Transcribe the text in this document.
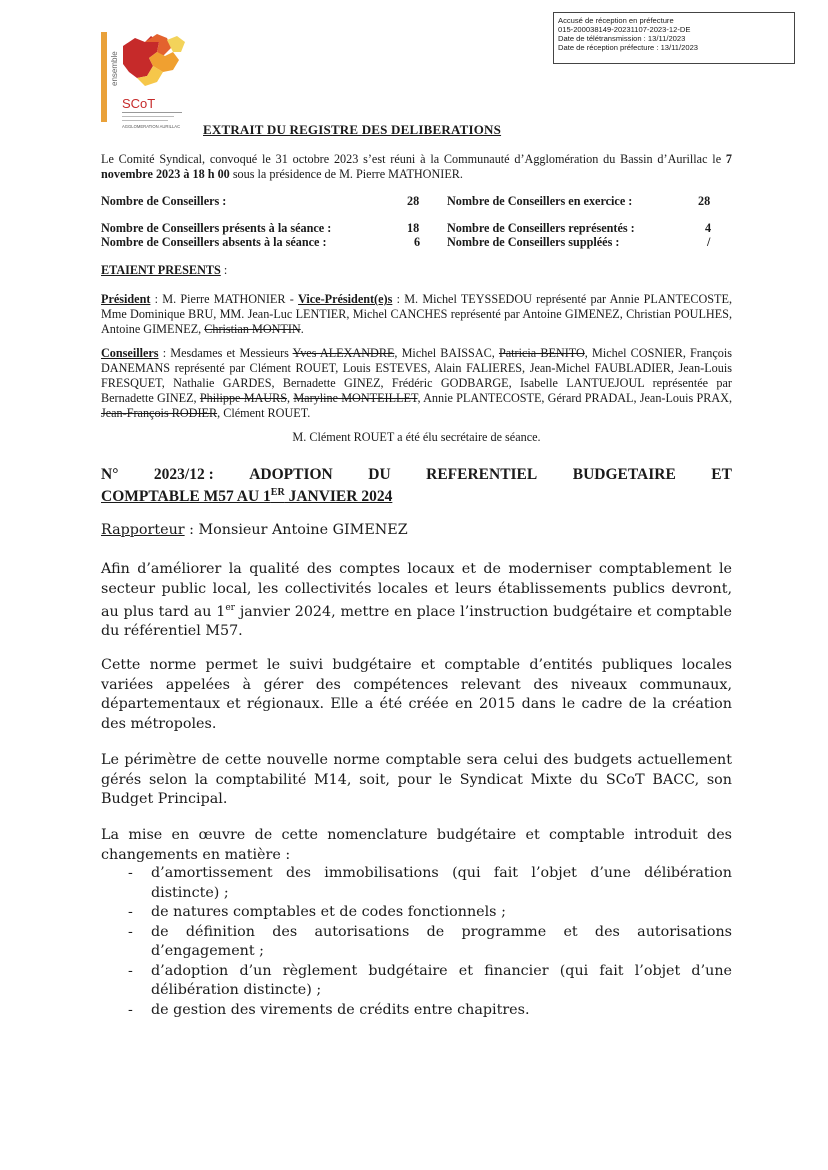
Accusé de réception en préfecture
015-200038149-20231107-2023-12-DE
Date de télétransmission : 13/11/2023
Date de réception préfecture : 13/11/2023
ensemble
SCoT
AGGLOMERATION AURILLAC EXTRAIT DU REGISTRE DES DELIBERATIONS
Le Comité Syndical, convoqué le 31 octobre 2023 s’est réuni à la Communauté d’Agglomération du Bassin d’Aurillac le 7 novembre 2023 à 18 h 00 sous la présidence de M. Pierre MATHONIER.
Nombre de Conseillers :	28 Nombre de Conseillers en exercice :	28
Nombre de Conseillers présents à la séance :	18 Nombre de Conseillers représentés :	4
Nombre de Conseillers absents à la séance :	6 Nombre de Conseillers suppléés :	/
ETAIENT PRESENTS :
Président : M. Pierre MATHONIER - Vice-Président(e)s : M. Michel TEYSSEDOU représenté par Annie PLANTECOSTE, Mme Dominique BRU, MM. Jean-Luc LENTIER, Michel CANCHES représenté par Antoine GIMENEZ, Christian POULHES, Antoine GIMENEZ, Christian MONTIN.
Conseillers : Mesdames et Messieurs Yves ALEXANDRE, Michel BAISSAC, Patricia BENITO, Michel COSNIER, François DANEMANS représenté par Clément ROUET, Louis ESTEVES, Alain FALIERES, Jean-Michel FAUBLADIER, Jean-Louis FRESQUET, Nathalie GARDES, Bernadette GINEZ, Frédéric GODBARGE, Isabelle LANTUEJOUL représentée par Bernadette GINEZ, Philippe MAURS, Maryline MONTEILLET, Annie PLANTECOSTE, Gérard PRADAL, Jean-Louis PRAX, Jean-François RODIER, Clément ROUET.
M. Clément ROUET a été élu secrétaire de séance.
N° 2023/12 : ADOPTION DU REFERENTIEL BUDGETAIRE ET
COMPTABLE M57 AU 1ER JANVIER 2024
Rapporteur : Monsieur Antoine GIMENEZ
Afin d’améliorer la qualité des comptes locaux et de moderniser comptablement le secteur public local, les collectivités locales et leurs établissements publics devront, au plus tard au 1er janvier 2024, mettre en place l’instruction budgétaire et comptable du référentiel M57.
Cette norme permet le suivi budgétaire et comptable d’entités publiques locales variées appelées à gérer des compétences relevant des niveaux communaux, départementaux et régionaux. Elle a été créée en 2015 dans le cadre de la création des métropoles.
Le périmètre de cette nouvelle norme comptable sera celui des budgets actuellement gérés selon la comptabilité M14, soit, pour le Syndicat Mixte du SCoT BACC, son Budget Principal.
La mise en œuvre de cette nomenclature budgétaire et comptable introduit des changements en matière :
- d’amortissement des immobilisations (qui fait l’objet d’une délibération distincte) ;
- de natures comptables et de codes fonctionnels ;
- de définition des autorisations de programme et des autorisations d’engagement ;
- d’adoption d’un règlement budgétaire et financier (qui fait l’objet d’une délibération distincte) ;
- de gestion des virements de crédits entre chapitres.
